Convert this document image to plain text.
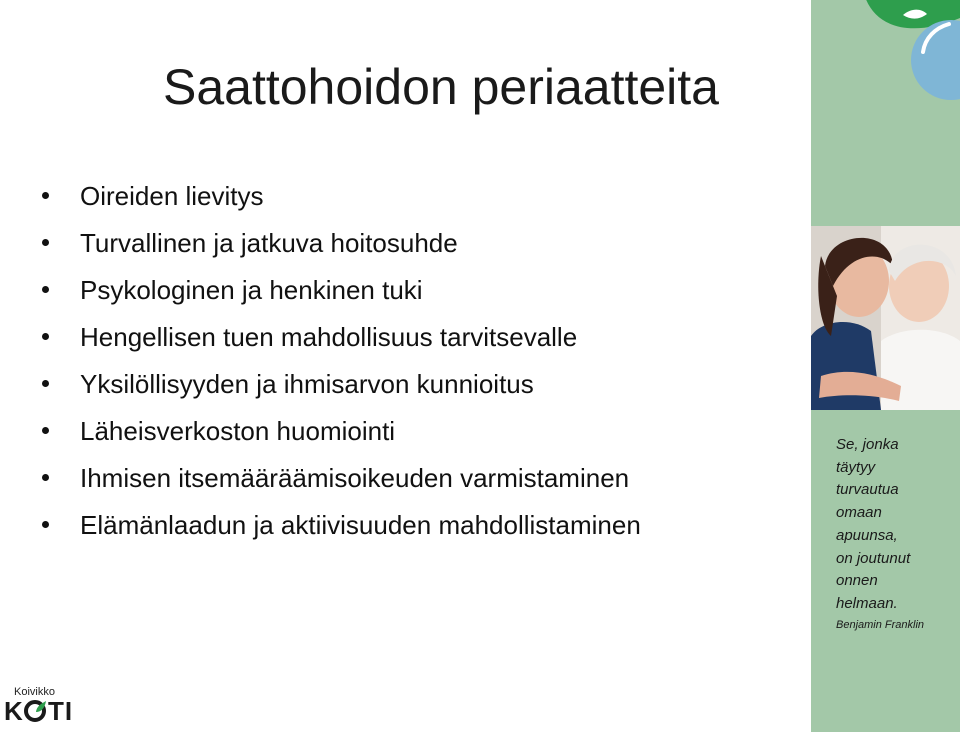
Saattohoidon periaatteita
Oireiden lievitys
Turvallinen ja jatkuva hoitosuhde
Psykologinen ja henkinen tuki
Hengellisen tuen mahdollisuus tarvitsevalle
Yksilöllisyyden ja ihmisarvon kunnioitus
Läheisverkoston huomiointi
Ihmisen itsemääräämisoikeuden varmistaminen
Elämänlaadun ja aktiivisuuden mahdollistaminen
Se, jonka
täytyy
turvautua
omaan
apuunsa,
on joutunut
onnen
helmaan.
Benjamin Franklin
Koivikko
K TI
